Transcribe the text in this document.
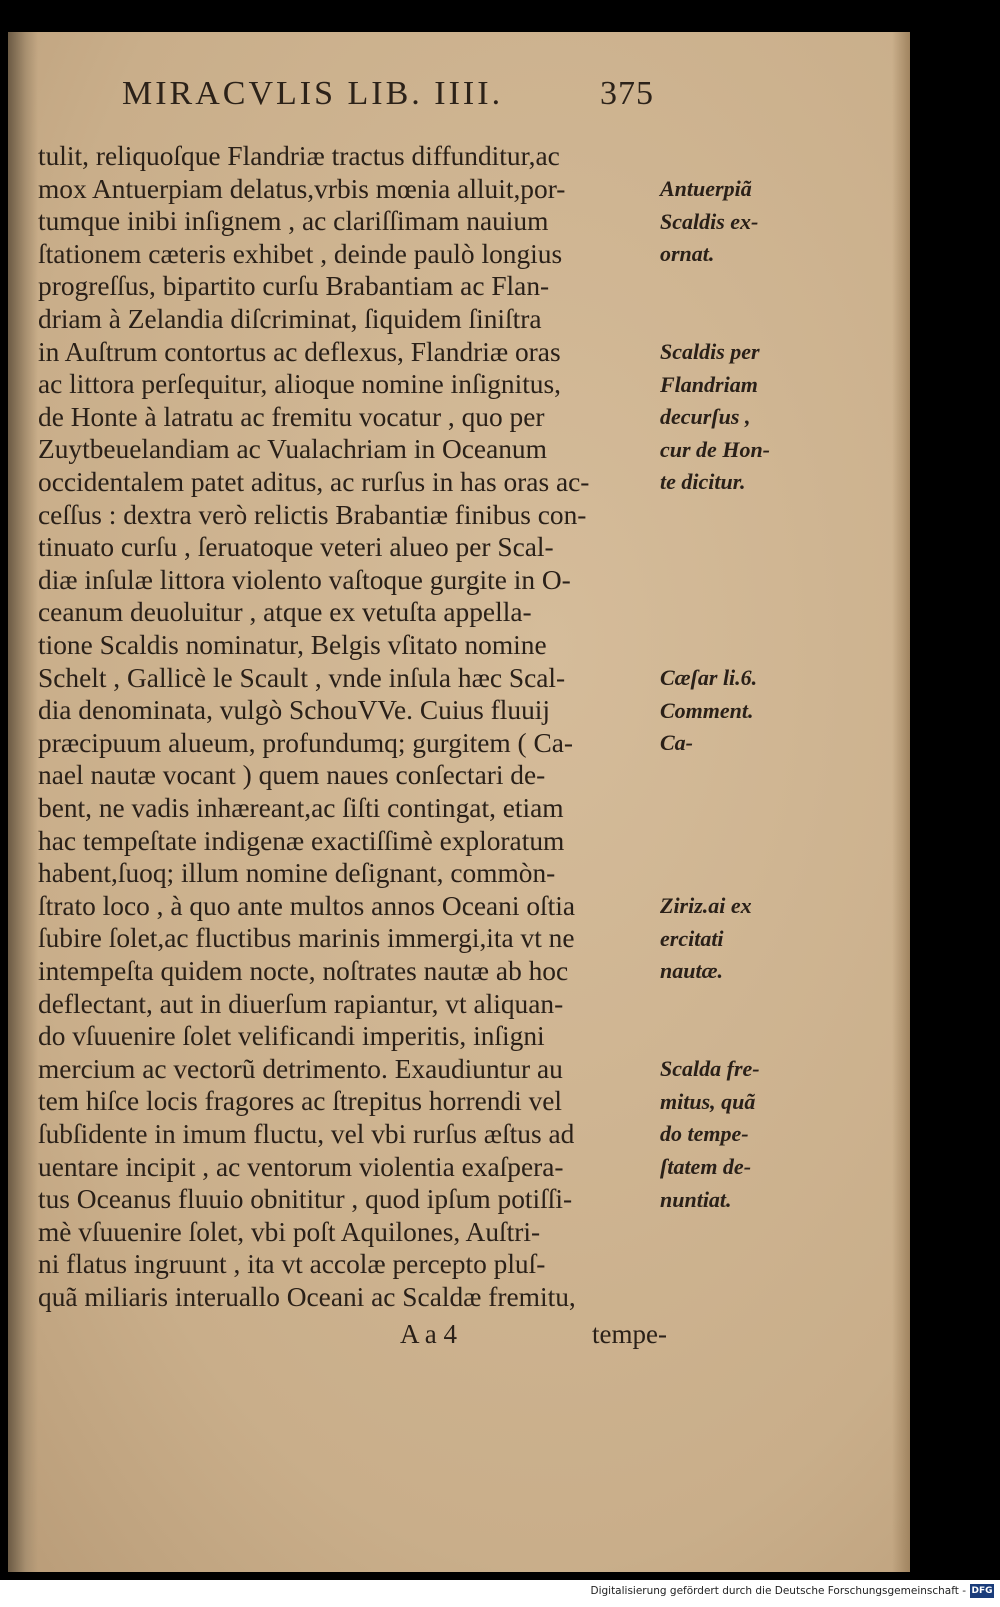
MIRACVLIS LIB. IIII.	375
tulit, reliquoſque Flandriæ tractus diffunditur,ac
mox Antuerpiam delatus,vrbis mœnia alluit,por-
tumque inibi inſignem , ac clariſſimam nauium
ſtationem cæteris exhibet , deinde paulò longius
progreſſus, bipartito curſu Brabantiam ac Flan-
driam à Zelandia diſcriminat, ſiquidem ſiniſtra
in Auſtrum contortus ac deflexus, Flandriæ oras
ac littora perſequitur, alioque nomine inſignitus,
de Honte à latratu ac fremitu vocatur , quo per
Zuytbeuelandiam ac Vualachriam in Oceanum
occidentalem patet aditus, ac rurſus in has oras ac-
ceſſus : dextra verò relictis Brabantiæ finibus con-
tinuato curſu , ſeruatoque veteri alueo per Scal-
diæ inſulæ littora violento vaſtoque gurgite in O-
ceanum deuoluitur , atque ex vetuſta appella-
tione Scaldis nominatur, Belgis vſitato nomine
Schelt , Gallicè le Scault , vnde inſula hæc Scal-
dia denominata, vulgò SchouVVe. Cuius fluuij
præcipuum alueum, profundumq; gurgitem ( Ca-
nael nautæ vocant ) quem naues conſectari de-
bent, ne vadis inhæreant,ac ſiſti contingat, etiam
hac tempeſtate indigenæ exactiſſimè exploratum
habent,ſuoq; illum nomine deſignant, commòn-
ſtrato loco , à quo ante multos annos Oceani oſtia
ſubire ſolet,ac fluctibus marinis immergi,ita vt ne
intempeſta quidem nocte, noſtrates nautæ ab hoc
deflectant, aut in diuerſum rapiantur, vt aliquan-
do vſuuenire ſolet velificandi imperitis, inſigni
mercium ac vectorũ detrimento. Exaudiuntur au
tem hiſce locis fragores ac ſtrepitus horrendi vel
ſubſidente in imum fluctu, vel vbi rurſus æſtus ad
uentare incipit , ac ventorum violentia exaſpera-
tus Oceanus fluuio obnititur , quod ipſum potiſſi-
mè vſuuenire ſolet, vbi poſt Aquilones, Auſtri-
ni flatus ingruunt , ita vt accolæ percepto pluſ-
quã miliaris interuallo Oceani ac Scaldæ fremitu,
Antuerpiã
Scaldis ex-
ornat.
Scaldis per
Flandriam
decurſus ,
cur de Hon-
te dicitur.
Cæſar li.6.
Comment.
Ca-
Ziriz.ai ex
ercitati
nautæ.
Scalda fre-
mitus, quã
do tempe-
ſtatem de-
nuntiat.
A a 4	tempe-
Digitalisierung gefördert durch die Deutsche Forschungsgemeinschaft - DFG
